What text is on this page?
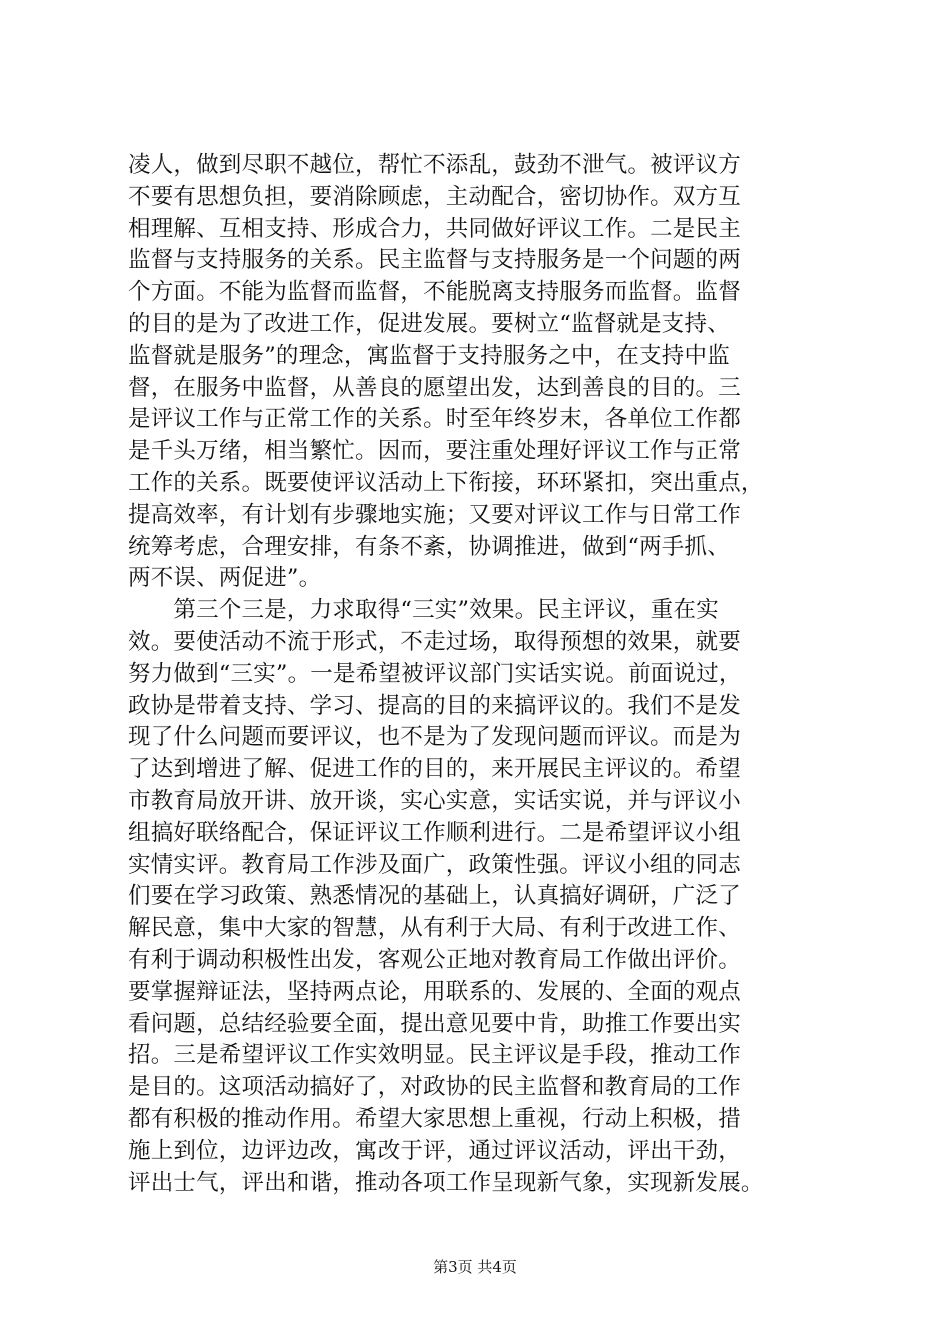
凌人，做到尽职不越位，帮忙不添乱，鼓劲不泄气。被评议方
不要有思想负担，要消除顾虑，主动配合，密切协作。双方互
相理解、互相支持、形成合力，共同做好评议工作。二是民主
监督与支持服务的关系。民主监督与支持服务是一个问题的两
个方面。不能为监督而监督，不能脱离支持服务而监督。监督
的目的是为了改进工作，促进发展。要树立“监督就是支持、
监督就是服务”的理念，寓监督于支持服务之中，在支持中监
督，在服务中监督，从善良的愿望出发，达到善良的目的。三
是评议工作与正常工作的关系。时至年终岁末，各单位工作都
是千头万绪，相当繁忙。因而，要注重处理好评议工作与正常
工作的关系。既要使评议活动上下衔接，环环紧扣，突出重点，
提高效率，有计划有步骤地实施；又要对评议工作与日常工作
统筹考虑，合理安排，有条不紊，协调推进，做到“两手抓、
两不误、两促进”。
　　第三个三是，力求取得“三实”效果。民主评议，重在实
效。要使活动不流于形式，不走过场，取得预想的效果，就要
努力做到“三实”。一是希望被评议部门实话实说。前面说过，
政协是带着支持、学习、提高的目的来搞评议的。我们不是发
现了什么问题而要评议，也不是为了发现问题而评议。而是为
了达到增进了解、促进工作的目的，来开展民主评议的。希望
市教育局放开讲、放开谈，实心实意，实话实说，并与评议小
组搞好联络配合，保证评议工作顺利进行。二是希望评议小组
实情实评。教育局工作涉及面广，政策性强。评议小组的同志
们要在学习政策、熟悉情况的基础上，认真搞好调研，广泛了
解民意，集中大家的智慧，从有利于大局、有利于改进工作、
有利于调动积极性出发，客观公正地对教育局工作做出评价。
要掌握辩证法，坚持两点论，用联系的、发展的、全面的观点
看问题，总结经验要全面，提出意见要中肯，助推工作要出实
招。三是希望评议工作实效明显。民主评议是手段，推动工作
是目的。这项活动搞好了，对政协的民主监督和教育局的工作
都有积极的推动作用。希望大家思想上重视，行动上积极，措
施上到位，边评边改，寓改于评，通过评议活动，评出干劲，
评出士气，评出和谐，推动各项工作呈现新气象，实现新发展。
第3页 共4页
